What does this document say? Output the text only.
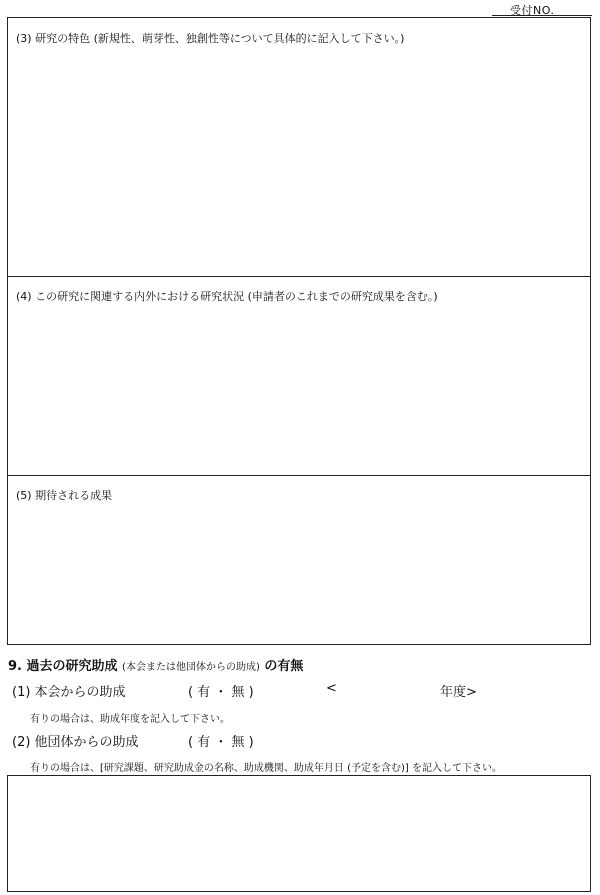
受付NO.
(3) 研究の特色 (新規性、萌芽性、独創性等について具体的に記入して下さい。)
(4) この研究に関連する内外における研究状況 (申請者のこれまでの研究成果を含む。)
(5) 期待される成果
9. 過去の研究助成 (本会または他団体からの助成) の有無
(1) 本会からの助成	( 有 ・ 無 )	<	年度>
有りの場合は、助成年度を記入して下さい。
(2) 他団体からの助成	( 有 ・ 無 )
有りの場合は、[研究課題、研究助成金の名称、助成機関、助成年月日 (予定を含む)] を記入して下さい。
